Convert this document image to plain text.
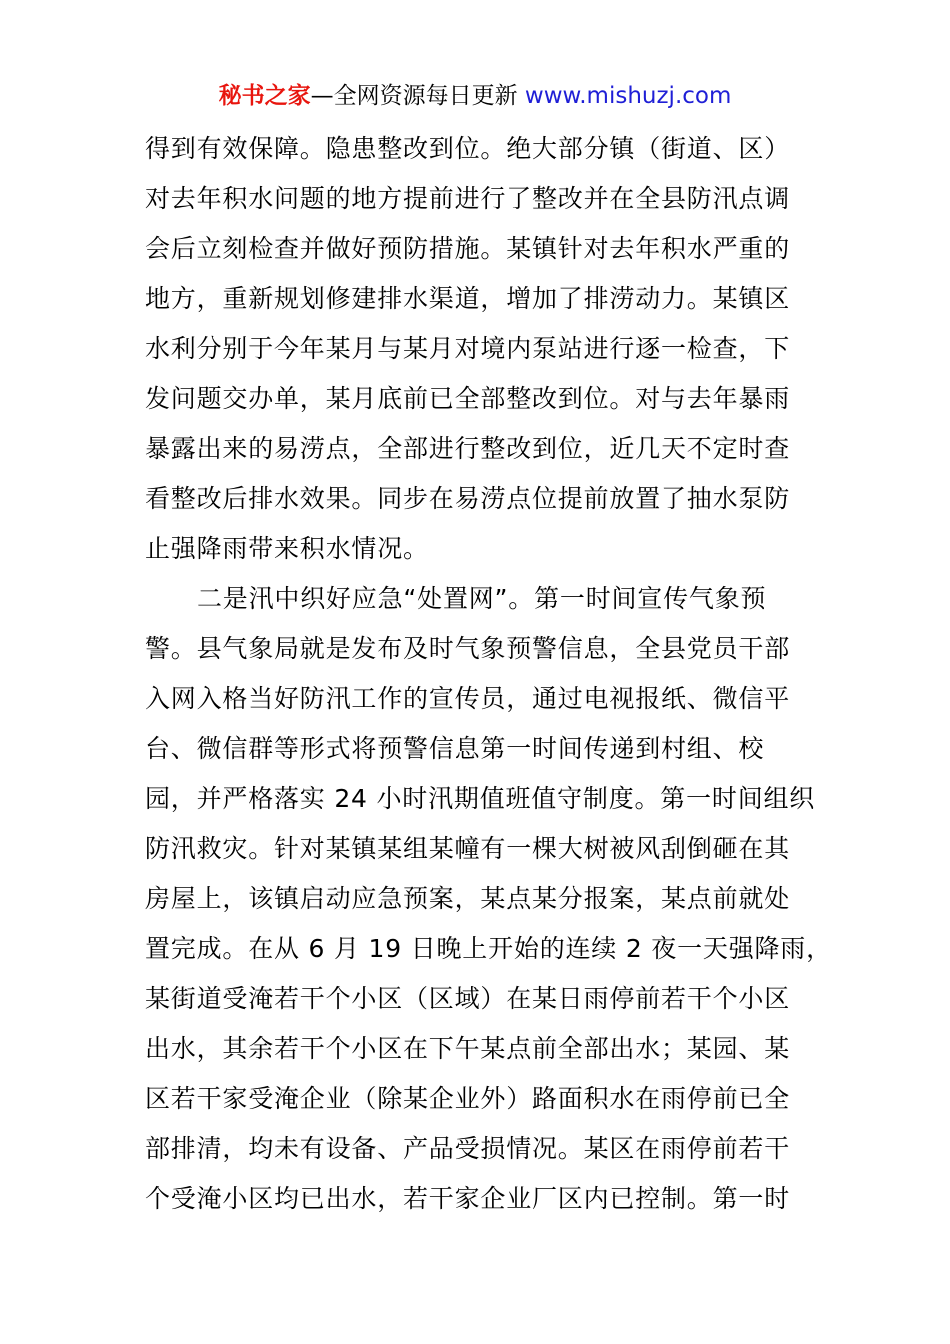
秘书之家—全网资源每日更新 www.mishuzj.com
得到有效保障。隐患整改到位。绝大部分镇（街道、区）
对去年积水问题的地方提前进行了整改并在全县防汛点调
会后立刻检查并做好预防措施。某镇针对去年积水严重的
地方，重新规划修建排水渠道，增加了排涝动力。某镇区
水利分别于今年某月与某月对境内泵站进行逐一检查，下
发问题交办单，某月底前已全部整改到位。对与去年暴雨
暴露出来的易涝点，全部进行整改到位，近几天不定时查
看整改后排水效果。同步在易涝点位提前放置了抽水泵防
止强降雨带来积水情况。
二是汛中织好应急“处置网”。第一时间宣传气象预
警。县气象局就是发布及时气象预警信息，全县党员干部
入网入格当好防汛工作的宣传员，通过电视报纸、微信平
台、微信群等形式将预警信息第一时间传递到村组、校
园，并严格落实 24 小时汛期值班值守制度。第一时间组织
防汛救灾。针对某镇某组某幢有一棵大树被风刮倒砸在其
房屋上，该镇启动应急预案，某点某分报案，某点前就处
置完成。在从 6 月 19 日晚上开始的连续 2 夜一天强降雨，
某街道受淹若干个小区（区域）在某日雨停前若干个小区
出水，其余若干个小区在下午某点前全部出水；某园、某
区若干家受淹企业（除某企业外）路面积水在雨停前已全
部排清，均未有设备、产品受损情况。某区在雨停前若干
个受淹小区均已出水，若干家企业厂区内已控制。第一时
